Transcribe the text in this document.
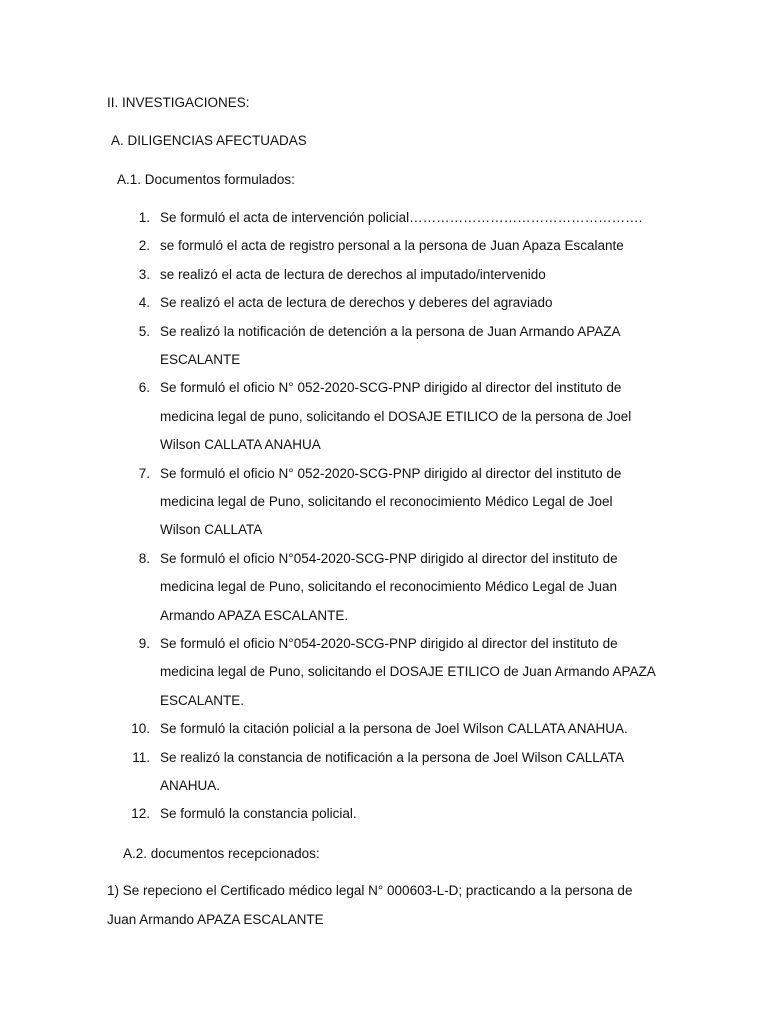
II. INVESTIGACIONES:
A. DILIGENCIAS AFECTUADAS
A.1. Documentos formulados:
1. Se formuló el acta de intervención policial…………………………………………….
2. se formuló el acta de registro personal a la persona de Juan Apaza Escalante
3. se realizó el acta de lectura de derechos al imputado/intervenido
4. Se realizó el acta de lectura de derechos y deberes del agraviado
5. Se realizó la notificación de detención a la persona de Juan Armando APAZA
ESCALANTE
6. Se formuló el oficio N° 052-2020-SCG-PNP dirigido al director del instituto de
medicina legal de puno, solicitando el DOSAJE ETILICO de la persona de Joel
Wilson CALLATA ANAHUA
7. Se formuló el oficio N° 052-2020-SCG-PNP dirigido al director del instituto de
medicina legal de Puno, solicitando el reconocimiento Médico Legal de Joel
Wilson CALLATA
8. Se formuló el oficio N°054-2020-SCG-PNP dirigido al director del instituto de
medicina legal de Puno, solicitando el reconocimiento Médico Legal de Juan
Armando APAZA ESCALANTE.
9. Se formuló el oficio N°054-2020-SCG-PNP dirigido al director del instituto de
medicina legal de Puno, solicitando el DOSAJE ETILICO de Juan Armando APAZA
ESCALANTE.
10. Se formuló la citación policial a la persona de Joel Wilson CALLATA ANAHUA.
11. Se realizó la constancia de notificación a la persona de Joel Wilson CALLATA
ANAHUA.
12. Se formuló la constancia policial.
A.2. documentos recepcionados:
1) Se repeciono el Certificado médico legal N° 000603-L-D; practicando a la persona de
Juan Armando APAZA ESCALANTE
